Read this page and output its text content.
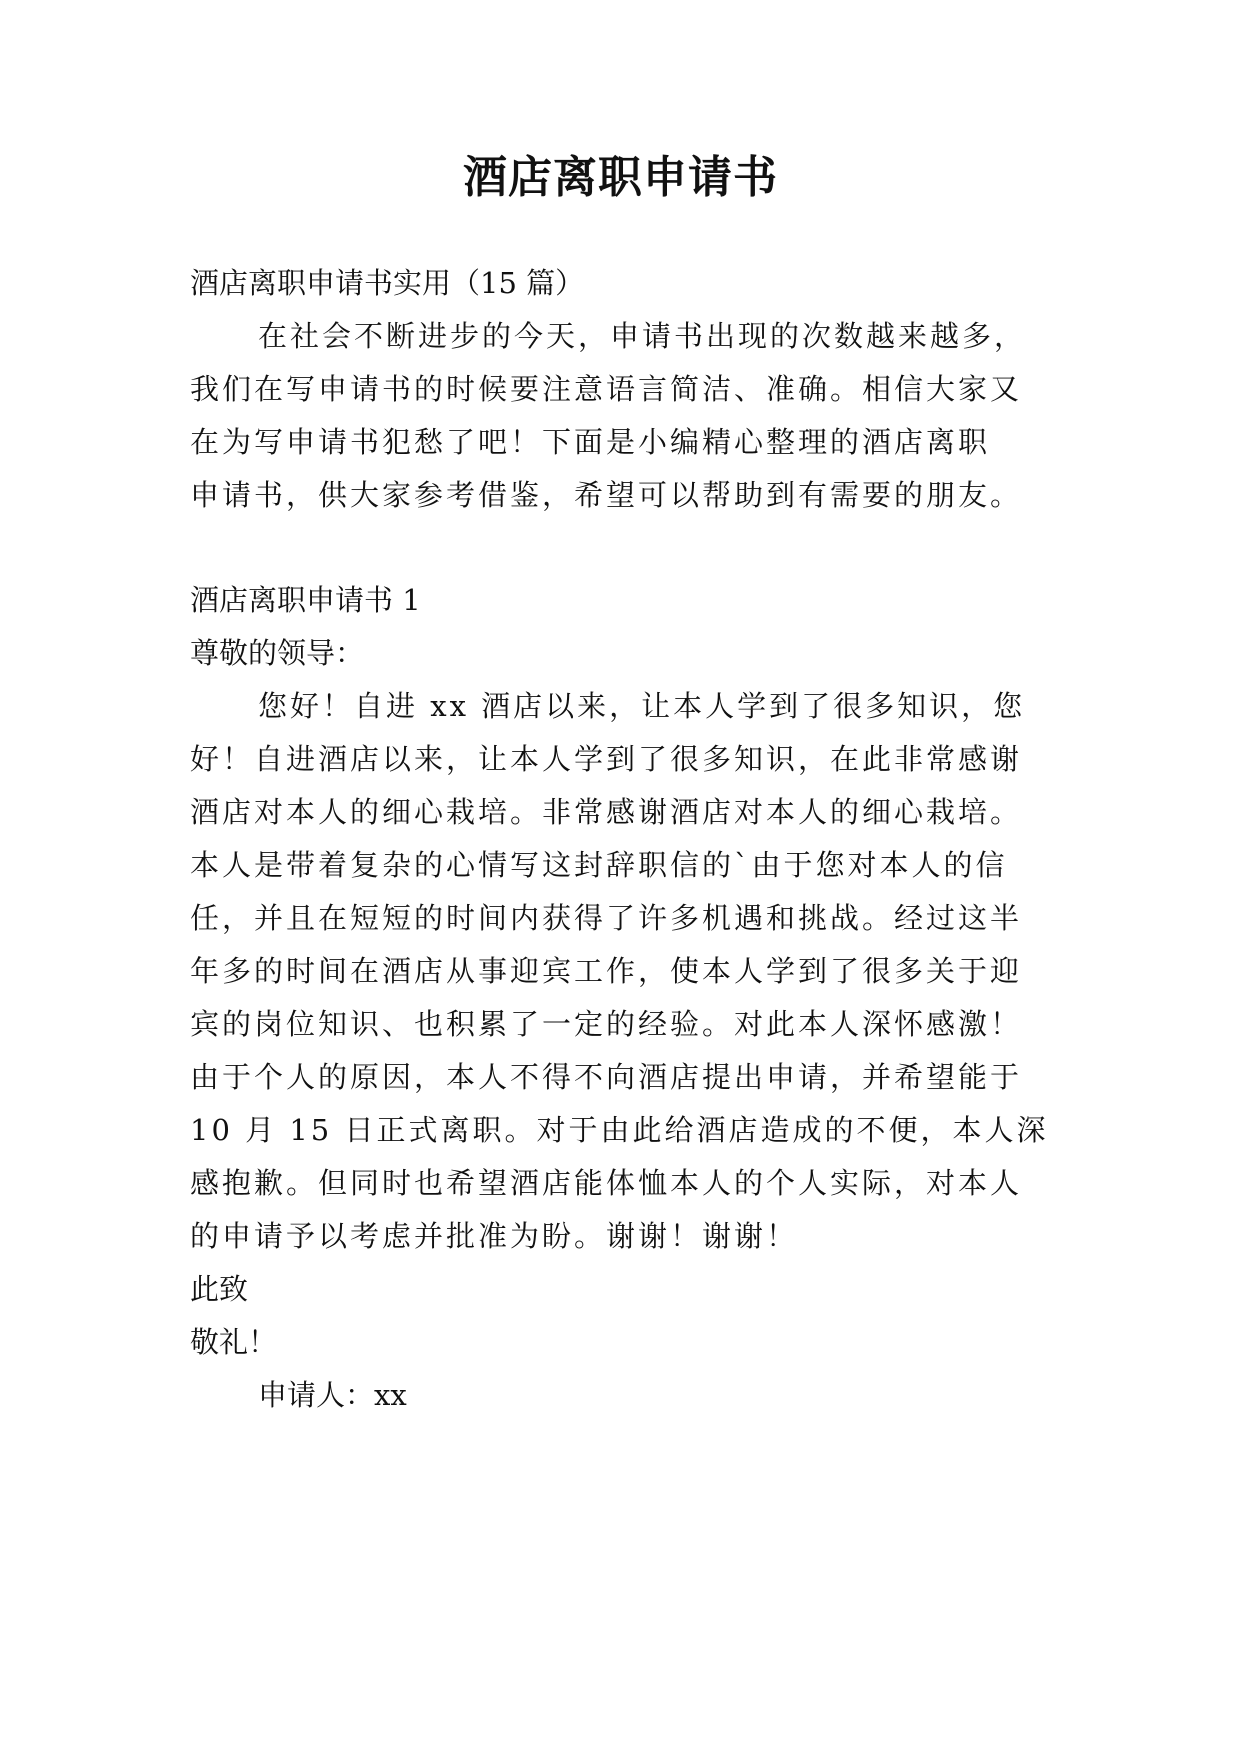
酒店离职申请书
酒店离职申请书实用（15 篇）
在社会不断进步的今天，申请书出现的次数越来越多，
我们在写申请书的时候要注意语言简洁、准确。相信大家又
在为写申请书犯愁了吧！下面是小编精心整理的酒店离职
申请书，供大家参考借鉴，希望可以帮助到有需要的朋友。
酒店离职申请书 1
尊敬的领导：
您好！自进 xx 酒店以来，让本人学到了很多知识，您
好！自进酒店以来，让本人学到了很多知识，在此非常感谢
酒店对本人的细心栽培。非常感谢酒店对本人的细心栽培。
本人是带着复杂的心情写这封辞职信的`由于您对本人的信
任，并且在短短的时间内获得了许多机遇和挑战。经过这半
年多的时间在酒店从事迎宾工作，使本人学到了很多关于迎
宾的岗位知识、也积累了一定的经验。对此本人深怀感激！
由于个人的原因，本人不得不向酒店提出申请，并希望能于
10 月 15 日正式离职。对于由此给酒店造成的不便，本人深
感抱歉。但同时也希望酒店能体恤本人的个人实际，对本人
的申请予以考虑并批准为盼。谢谢！谢谢！
此致
敬礼！
申请人：xx
